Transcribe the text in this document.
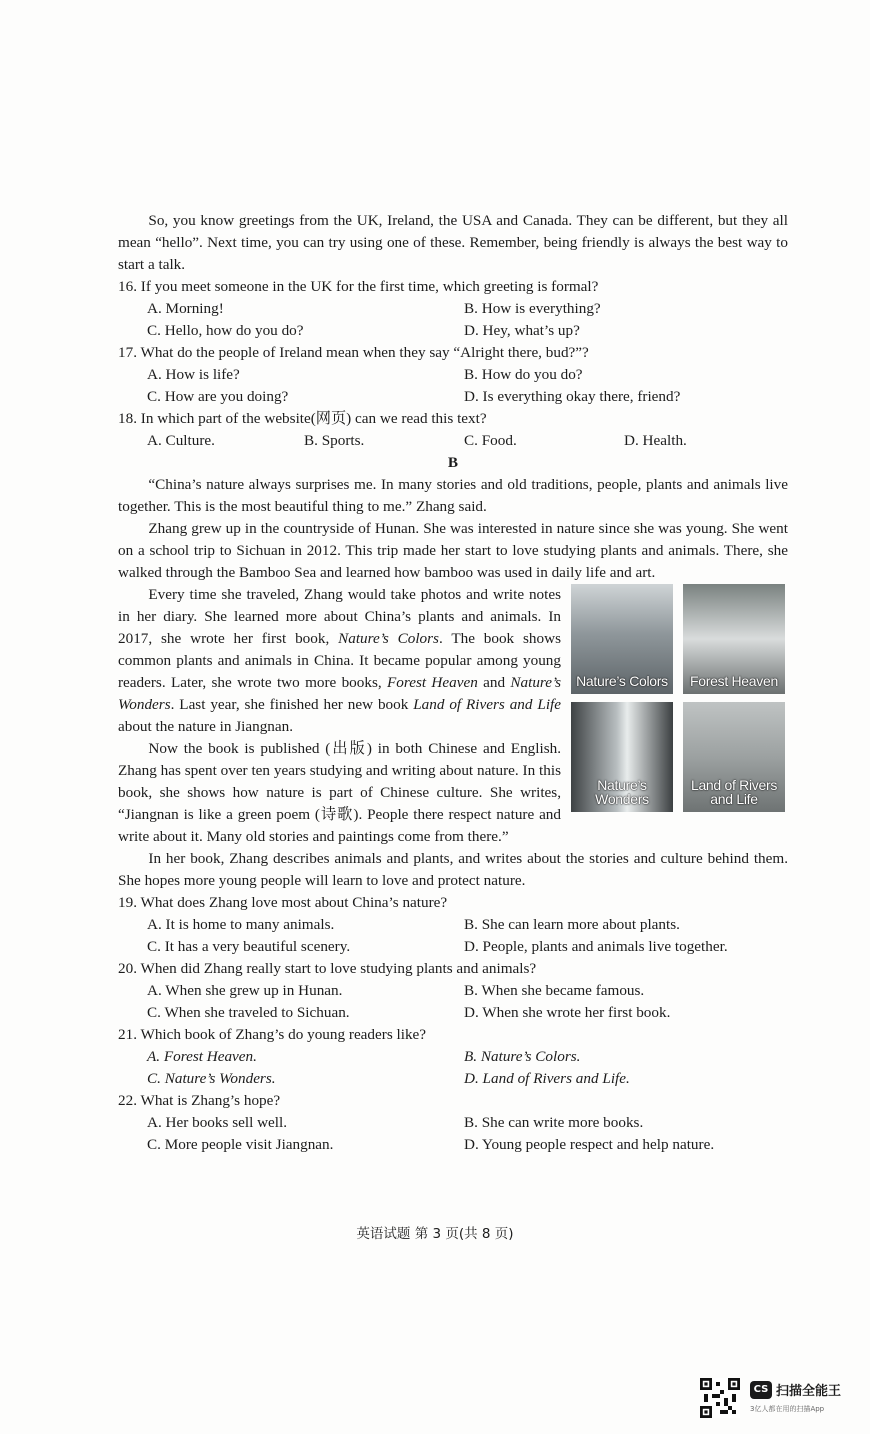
So, you know greetings from the UK, Ireland, the USA and Canada. They can be different, but they all mean “hello”. Next time, you can try using one of these. Remember, being friendly is always the best way to start a talk.

16. If you meet someone in the UK for the first time, which greeting is formal?

A. Morning!	B. How is everything?
C. Hello, how do you do?	D. Hey, what’s up?

17. What do the people of Ireland mean when they say “Alright there, bud?”?

A. How is life?	B. How do you do?
C. How are you doing?	D. Is everything okay there, friend?

18. In which part of the website(网页) can we read this text?

A. Culture.	B. Sports.	C. Food.	D. Health.

B

“China’s nature always surprises me. In many stories and old traditions, people, plants and animals live together. This is the most beautiful thing to me.” Zhang said.

Zhang grew up in the countryside of Hunan. She was interested in nature since she was young. She went on a school trip to Sichuan in 2012. This trip made her start to love studying plants and animals. There, she walked through the Bamboo Sea and learned how bamboo was used in daily life and art.

Nature’s Colors	Forest Heaven
Nature’s Wonders
Land of Rivers and Life

Every time she traveled, Zhang would take photos and write notes in her diary. She learned more about China’s plants and animals. In 2017, she wrote her first book, Nature’s Colors. The book shows common plants and animals in China. It became popular among young readers. Later, she wrote two more books, Forest Heaven and Nature’s Wonders. Last year, she finished her new book Land of Rivers and Life about the nature in Jiangnan.

Now the book is published (出版) in both Chinese and English. Zhang has spent over ten years studying and writing about nature. In this book, she shows how nature is part of Chinese culture. She writes, “Jiangnan is like a green poem (诗歌). People there respect nature and write about it. Many old stories and paintings come from there.”

In her book, Zhang describes animals and plants, and writes about the stories and culture behind them. She hopes more young people will learn to love and protect nature.

19. What does Zhang love most about China’s nature?

A. It is home to many animals.	B. She can learn more about plants.
C. It has a very beautiful scenery.	D. People, plants and animals live together.

20. When did Zhang really start to love studying plants and animals?

A. When she grew up in Hunan.	B. When she became famous.
C. When she traveled to Sichuan.	D. When she wrote her first book.

21. Which book of Zhang’s do young readers like?

A. Forest Heaven.	B. Nature’s Colors.
C. Nature’s Wonders.	D. Land of Rivers and Life.

22. What is Zhang’s hope?

A. Her books sell well.	B. She can write more books.
C. More people visit Jiangnan.	D. Young people respect and help nature.
英语试题 第 3 页(共 8 页)
CS 扫描全能王
3亿人都在用的扫描App
